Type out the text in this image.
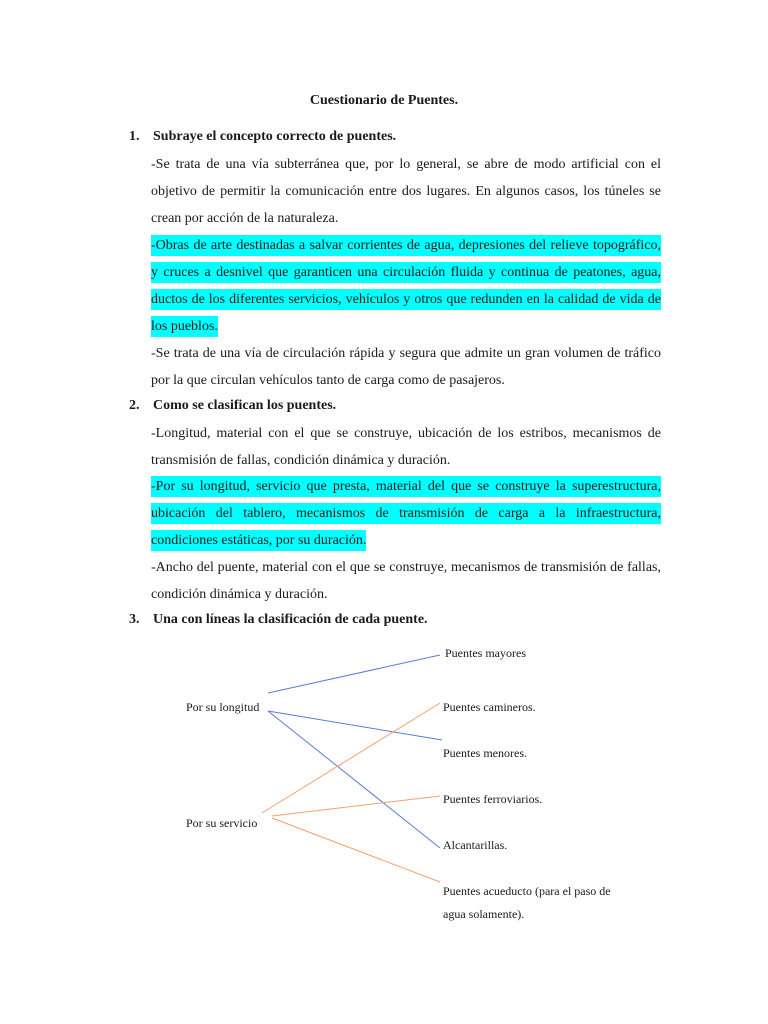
Cuestionario de Puentes.
1. Subraye el concepto correcto de puentes.
-Se trata de una vía subterránea que, por lo general, se abre de modo artificial con el objetivo de permitir la comunicación entre dos lugares. En algunos casos, los túneles se crean por acción de la naturaleza.
-Obras de arte destinadas a salvar corrientes de agua, depresiones del relieve topográfico, y cruces a desnivel que garanticen una circulación fluida y continua de peatones, agua, ductos de los diferentes servicios, vehículos y otros que redunden en la calidad de vida de los pueblos.
-Se trata de una vía de circulación rápida y segura que admite un gran volumen de tráfico por la que circulan vehículos tanto de carga como de pasajeros.
2. Como se clasifican los puentes.
-Longitud, material con el que se construye, ubicación de los estribos, mecanismos de transmisión de fallas, condición dinámica y duración.
-Por su longitud, servicio que presta, material del que se construye la superestructura, ubicación del tablero, mecanismos de transmisión de carga a la infraestructura, condiciones estáticas, por su duración.
-Ancho del puente, material con el que se construye, mecanismos de transmisión de fallas, condición dinámica y duración.
3. Una con líneas la clasificación de cada puente.
Por su longitud
Por su servicio
Puentes mayores
Puentes camineros.
Puentes menores.
Puentes ferroviarios.
Alcantarillas.
Puentes acueducto (para el paso de
agua solamente).
